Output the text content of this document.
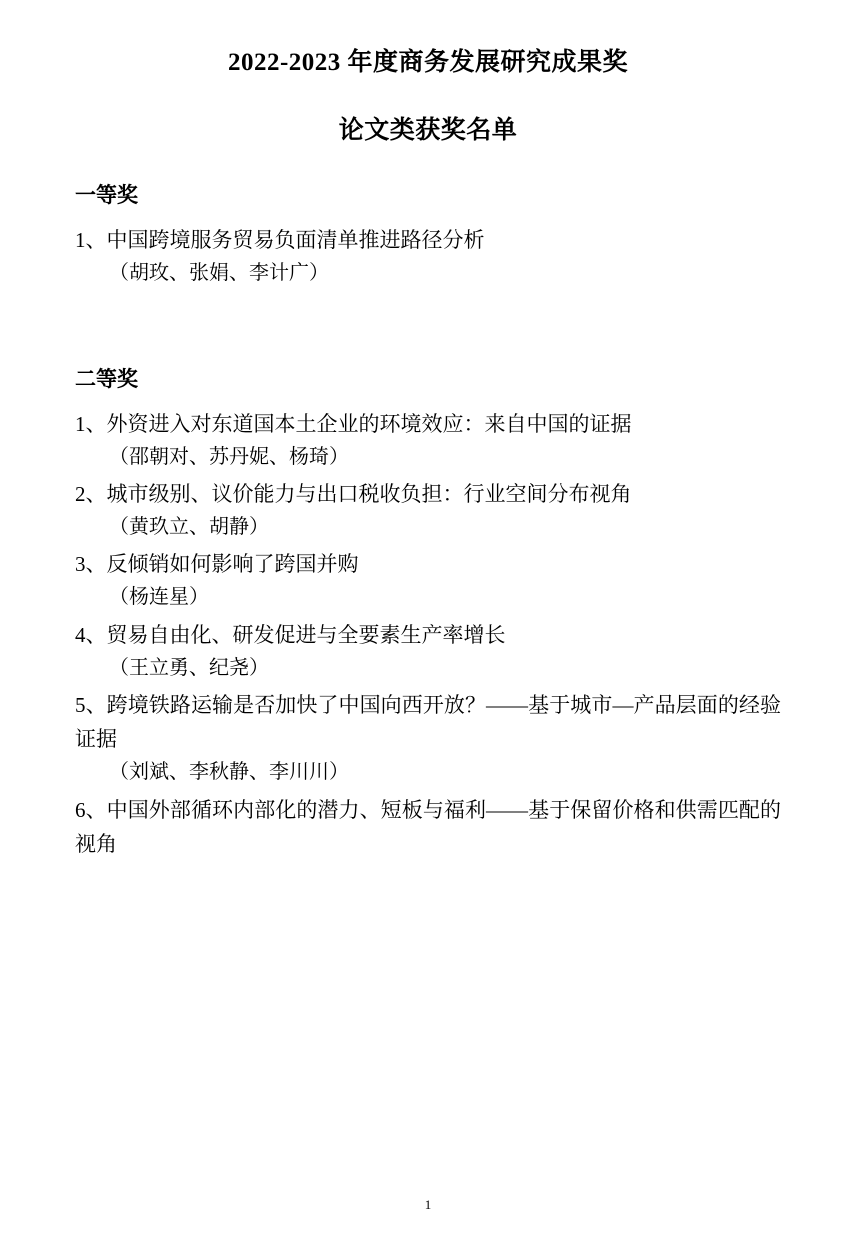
2022-2023 年度商务发展研究成果奖
论文类获奖名单
一等奖

1、中国跨境服务贸易负面清单推进路径分析

（胡玫、张娟、李计广）

二等奖

1、外资进入对东道国本土企业的环境效应：来自中国的证据

（邵朝对、苏丹妮、杨琦）

2、城市级别、议价能力与出口税收负担：行业空间分布视角

（黄玖立、胡静）

3、反倾销如何影响了跨国并购

（杨连星）

4、贸易自由化、研发促进与全要素生产率增长

（王立勇、纪尧）

5、跨境铁路运输是否加快了中国向西开放？——基于城市—产品层面的经验证据

（刘斌、李秋静、李川川）

6、中国外部循环内部化的潜力、短板与福利——基于保留价格和供需匹配的视角

1
